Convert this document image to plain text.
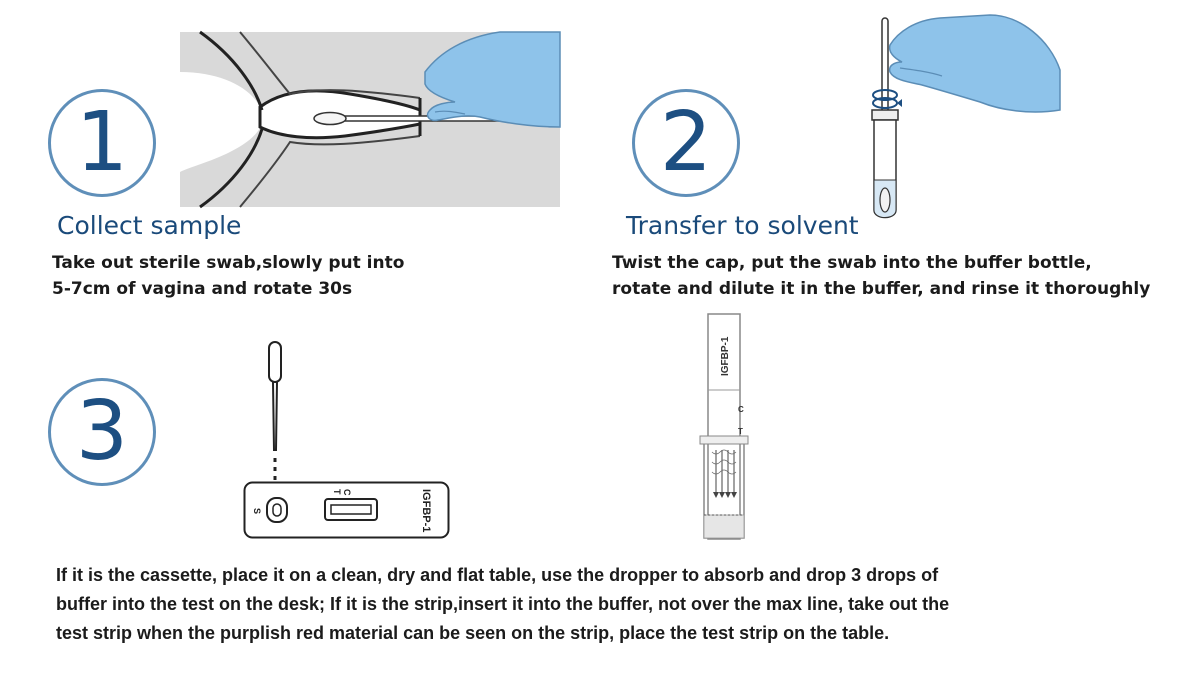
1
Collect sample
Take out sterile swab,slowly put into
5-7cm of vagina and rotate 30s
2
Transfer to solvent
Twist the cap, put the swab into the buffer bottle,
rotate and dilute it in the buffer, and rinse it thoroughly
3
S
C
T	IGFBP-1
IGFBP-1
C
T
If it is the cassette, place it on a clean, dry and flat table, use the dropper to absorb and drop 3 drops of
buffer into the test on the desk; If it is the strip,insert it into the buffer, not over the max line, take out the
test strip when the purplish red material can be seen on the strip, place the test strip on the table.
